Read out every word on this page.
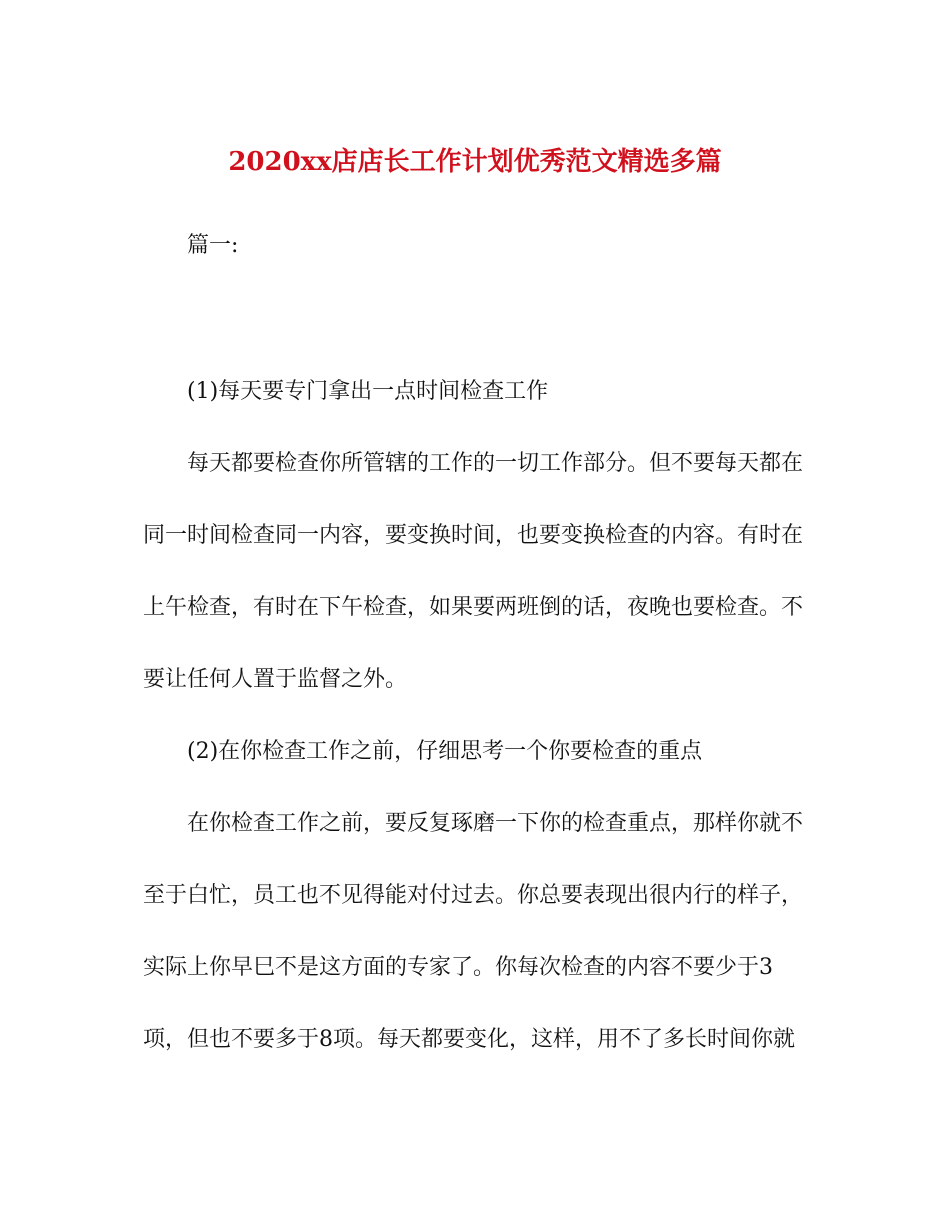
2020xx店店长工作计划优秀范文精选多篇
篇一:
(1)每天要专门拿出一点时间检查工作
每天都要检查你所管辖的工作的一切工作部分。但不要每天都在
同一时间检查同一内容，要变换时间，也要变换检查的内容。有时在
上午检查，有时在下午检查，如果要两班倒的话，夜晚也要检查。不
要让任何人置于监督之外。
(2)在你检查工作之前，仔细思考一个你要检查的重点
在你检查工作之前，要反复琢磨一下你的检查重点，那样你就不
至于白忙，员工也不见得能对付过去。你总要表现出很内行的样子，
实际上你早巳不是这方面的专家了。你每次检查的内容不要少于3
项，但也不要多于8项。每天都要变化，这样，用不了多长时间你就
